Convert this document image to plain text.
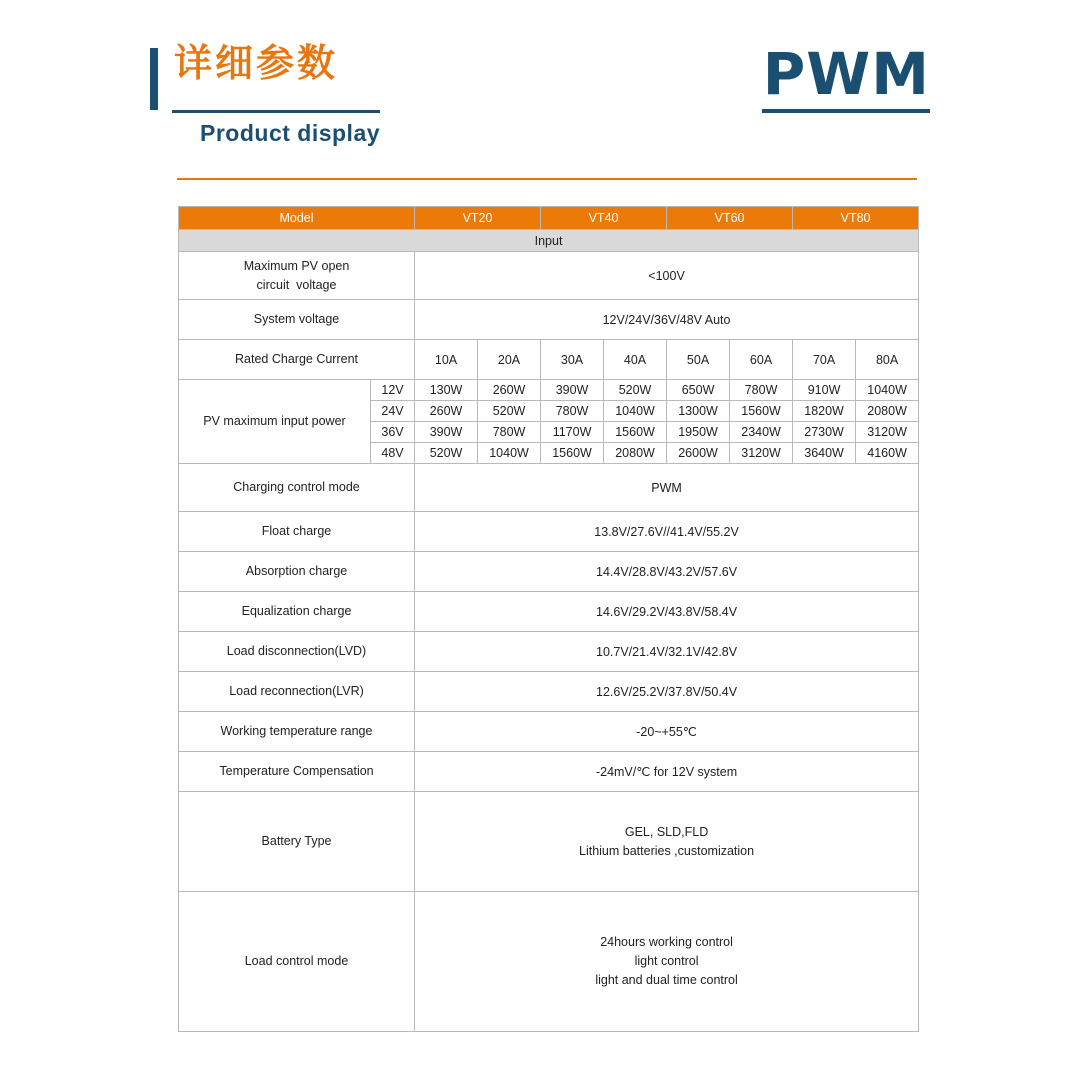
详细参数
Product display
PWM
Model		VT20		VT40		VT60		VT80	
Input									
Maximum PV open
circuit  voltage		<100V							
System voltage		12V/24V/36V/48V Auto							
Rated Charge Current		10A	20A	30A	40A	50A	60A	70A	80A
PV maximum input power	12V	130W	260W	390W	520W	650W	780W	910W	1040W
	24V	260W	520W	780W	1040W	1300W	1560W	1820W	2080W
	36V	390W	780W	1170W	1560W	1950W	2340W	2730W	3120W
	48V	520W	1040W	1560W	2080W	2600W	3120W	3640W	4160W
Charging control mode		PWM							
Float charge		13.8V/27.6V//41.4V/55.2V							
Absorption charge		14.4V/28.8V/43.2V/57.6V							
Equalization charge		14.6V/29.2V/43.8V/58.4V							
Load disconnection(LVD)		10.7V/21.4V/32.1V/42.8V							
Load reconnection(LVR)		12.6V/25.2V/37.8V/50.4V							
Working temperature range		-20~+55℃							
Temperature Compensation		-24mV/℃ for 12V system							
Battery Type		GEL, SLD,FLD
Lithium batteries ,customization							
Load control mode		24hours working control
light control
light and dual time control							
